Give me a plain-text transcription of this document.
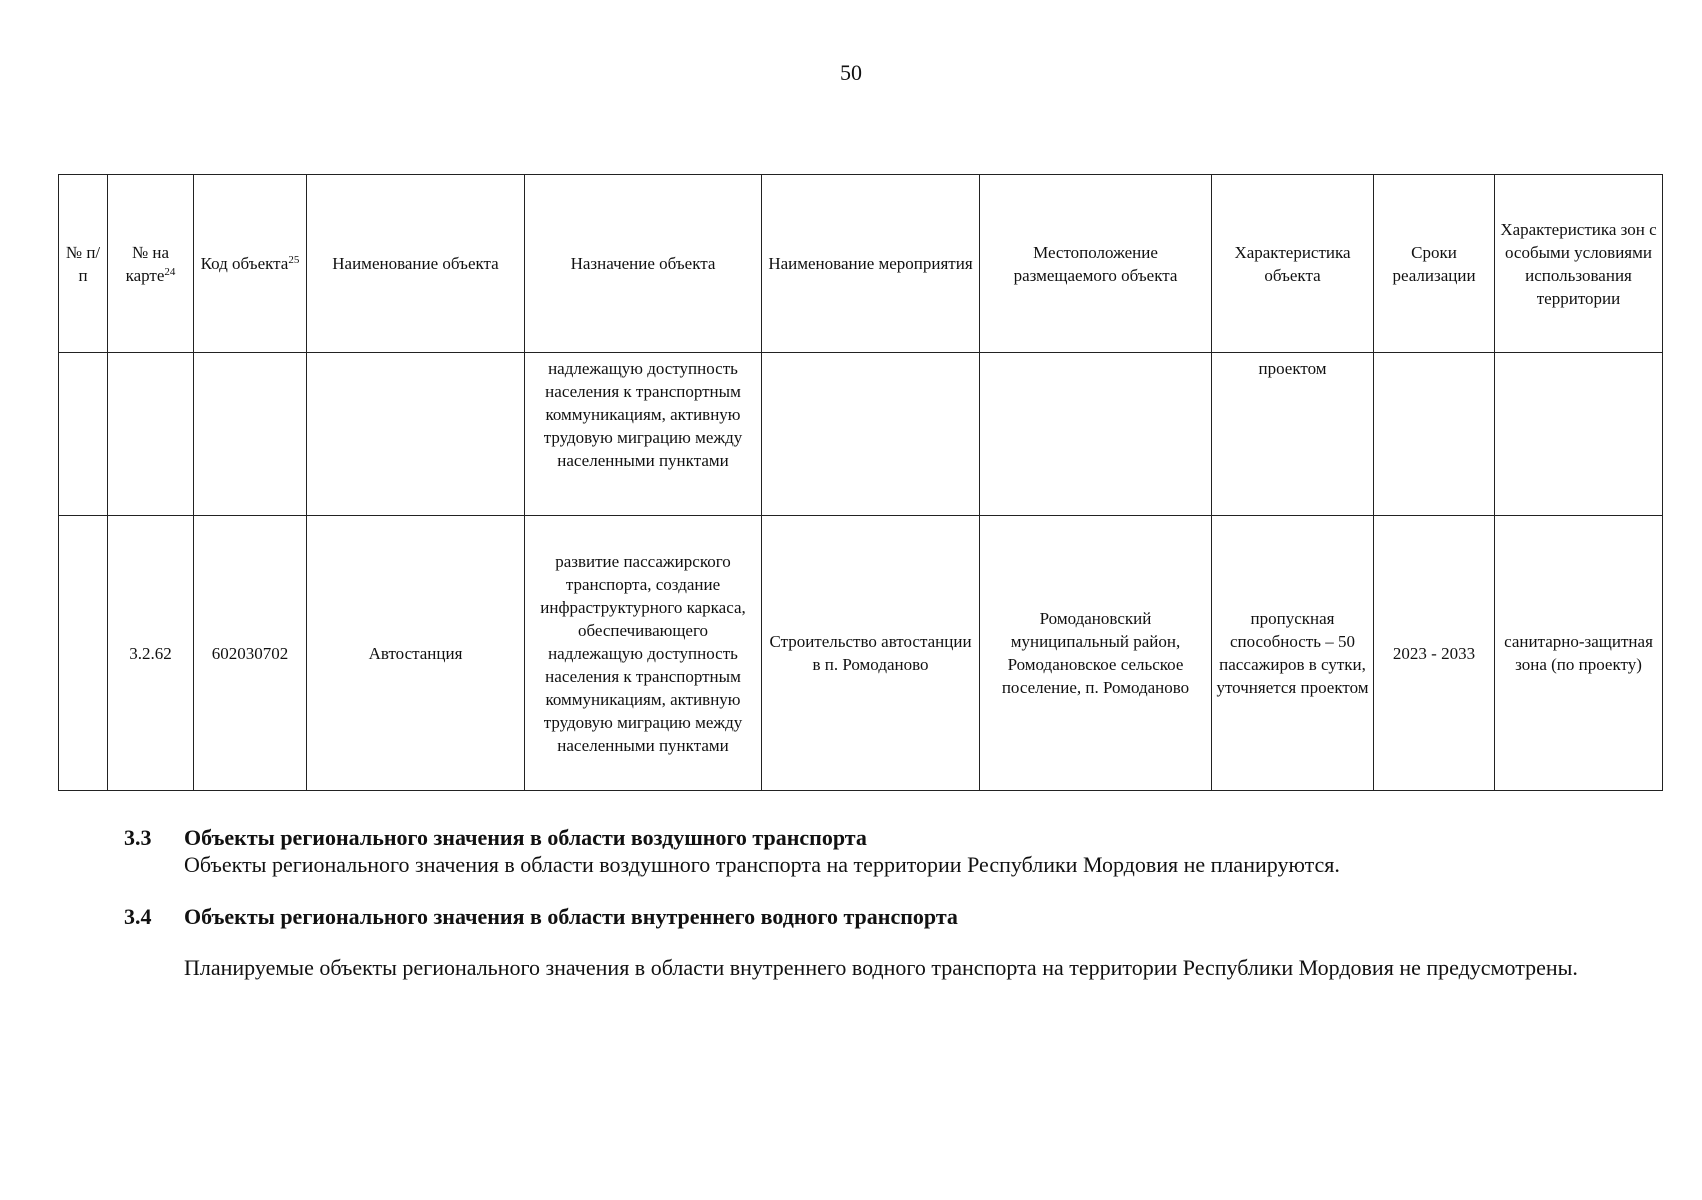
50
№ п/п	№ на карте$^{24}$	Код объекта$^{25}$	Наименование объекта	Назначение объекта	Наименование мероприятия	Местоположение размещаемого объекта	Характеристика объекта	Сроки реализации	Характеристика зон с особыми условиями использования территории
				надлежащую доступность населения к транспортным коммуникациям, активную трудовую миграцию между населенными пунктами			проектом		
	3.2.62	602030702	Автостанция	развитие пассажирского транспорта, создание инфраструктурного каркаса, обеспечивающего надлежащую доступность населения к транспортным коммуникациям, активную трудовую миграцию между населенными пунктами	Строительство автостанции в п. Ромоданово	Ромодановский муниципальный район, Ромодановское сельское поселение, п. Ромоданово	пропускная способность – 50 пассажиров в сутки, уточняется проектом	2023 - 2033	санитарно-защитная зона (по проекту)
3.3 Объекты регионального значения в области воздушного транспорта
Объекты регионального значения в области воздушного транспорта на территории Республики Мордовия не планируются.
3.4 Объекты регионального значения в области внутреннего водного транспорта
Планируемые объекты регионального значения в области внутреннего водного транспорта на территории Республики Мордовия не предусмотрены.
